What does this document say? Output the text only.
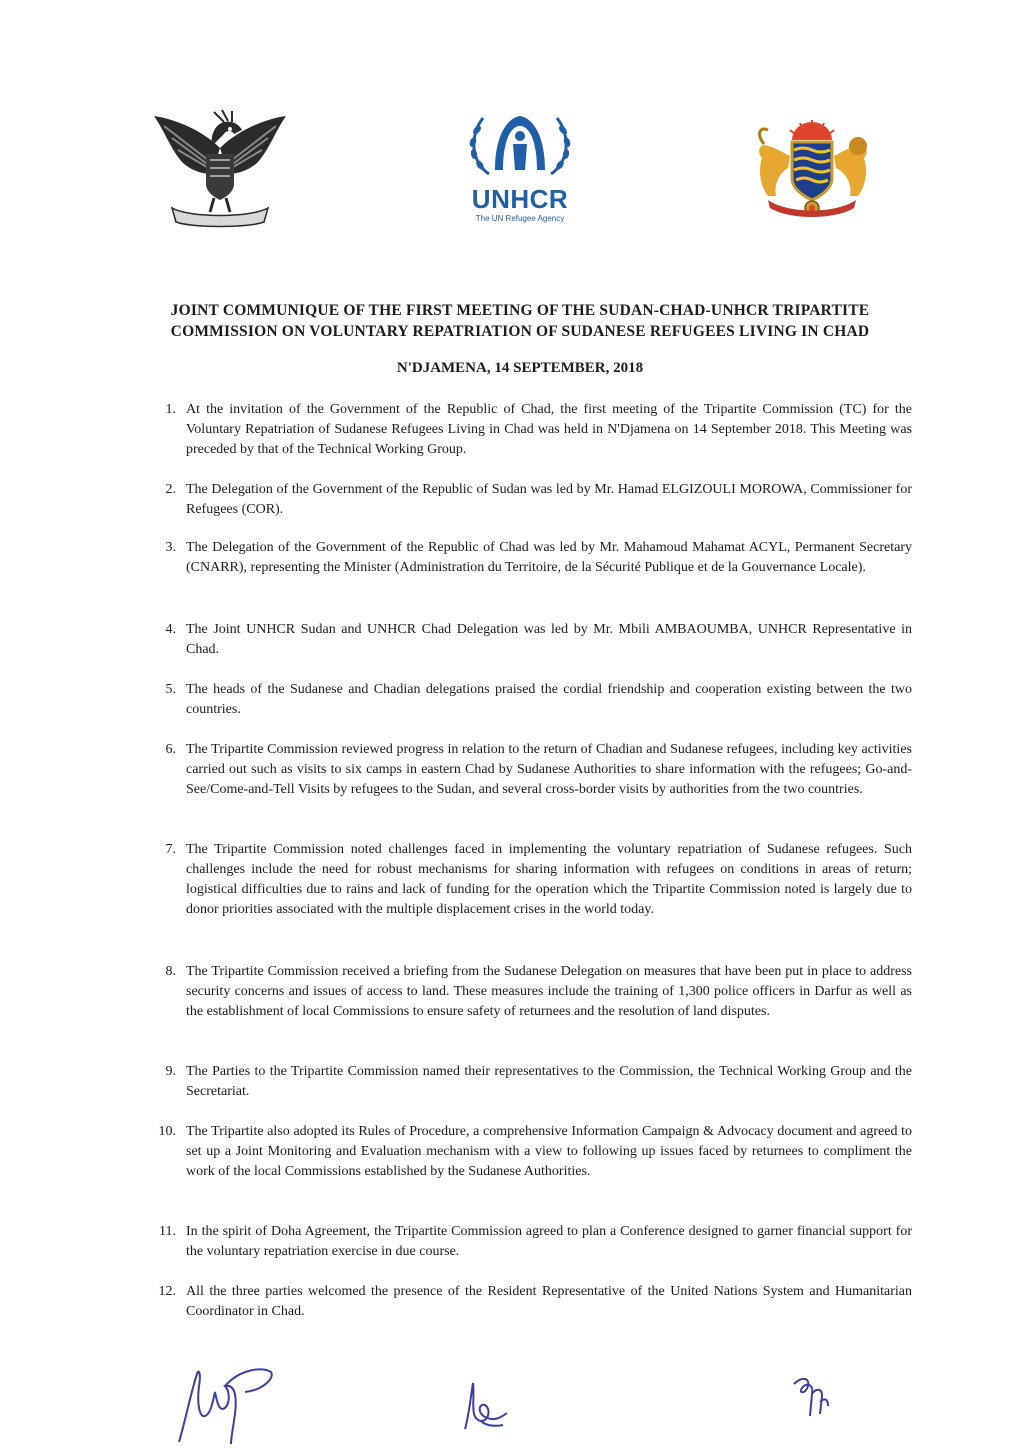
UNHCR
The UN Refugee Agency
JOINT COMMUNIQUE OF THE FIRST MEETING OF THE SUDAN-CHAD-UNHCR TRIPARTITE
COMMISSION ON VOLUNTARY REPATRIATION OF SUDANESE REFUGEES LIVING IN CHAD
N'DJAMENA, 14 SEPTEMBER, 2018
1. At the invitation of the Government of the Republic of Chad, the first meeting of the Tripartite Commission (TC) for the Voluntary Repatriation of Sudanese Refugees Living in Chad was held in N'Djamena on 14 September 2018. This Meeting was preceded by that of the Technical Working Group.
2. The Delegation of the Government of the Republic of Sudan was led by Mr. Hamad ELGIZOULI MOROWA, Commissioner for Refugees (COR).
3. The Delegation of the Government of the Republic of Chad was led by Mr. Mahamoud Mahamat ACYL, Permanent Secretary (CNARR), representing the Minister (Administration du Territoire, de la Sécurité Publique et de la Gouvernance Locale).
4. The Joint UNHCR Sudan and UNHCR Chad Delegation was led by Mr. Mbili AMBAOUMBA, UNHCR Representative in Chad.
5. The heads of the Sudanese and Chadian delegations praised the cordial friendship and cooperation existing between the two countries.
6. The Tripartite Commission reviewed progress in relation to the return of Chadian and Sudanese refugees, including key activities carried out such as visits to six camps in eastern Chad by Sudanese Authorities to share information with the refugees; Go-and-See/Come-and-Tell Visits by refugees to the Sudan, and several cross-border visits by authorities from the two countries.
7. The Tripartite Commission noted challenges faced in implementing the voluntary repatriation of Sudanese refugees. Such challenges include the need for robust mechanisms for sharing information with refugees on conditions in areas of return; logistical difficulties due to rains and lack of funding for the operation which the Tripartite Commission noted is largely due to donor priorities associated with the multiple displacement crises in the world today.
8. The Tripartite Commission received a briefing from the Sudanese Delegation on measures that have been put in place to address security concerns and issues of access to land. These measures include the training of 1,300 police officers in Darfur as well as the establishment of local Commissions to ensure safety of returnees and the resolution of land disputes.
9. The Parties to the Tripartite Commission named their representatives to the Commission, the Technical Working Group and the Secretariat.
10. The Tripartite also adopted its Rules of Procedure, a comprehensive Information Campaign & Advocacy document and agreed to set up a Joint Monitoring and Evaluation mechanism with a view to following up issues faced by returnees to compliment the work of the local Commissions established by the Sudanese Authorities.
11. In the spirit of Doha Agreement, the Tripartite Commission agreed to plan a Conference designed to garner financial support for the voluntary repatriation exercise in due course.
12. All the three parties welcomed the presence of the Resident Representative of the United Nations System and Humanitarian Coordinator in Chad.
